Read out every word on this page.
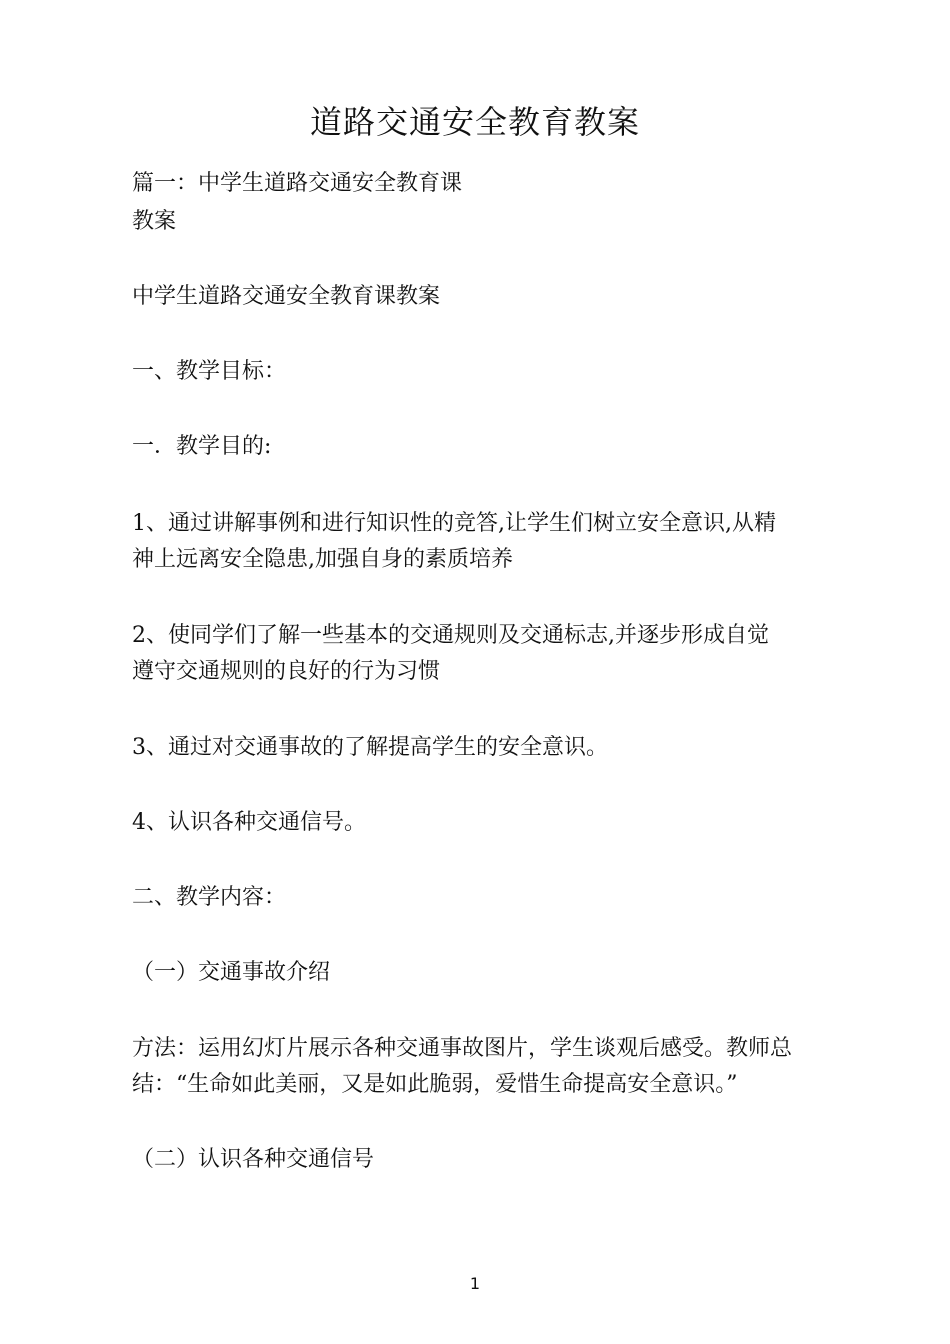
道路交通安全教育教案
篇一：中学生道路交通安全教育课
教案
中学生道路交通安全教育课教案
一、教学目标：
一．教学目的:
1、通过讲解事例和进行知识性的竞答,让学生们树立安全意识,从精
神上远离安全隐患,加强自身的素质培养
2、使同学们了解一些基本的交通规则及交通标志,并逐步形成自觉
遵守交通规则的良好的行为习惯
3、通过对交通事故的了解提高学生的安全意识。
4、认识各种交通信号。
二、教学内容：
（一）交通事故介绍
方法：运用幻灯片展示各种交通事故图片，学生谈观后感受。教师总
结：“生命如此美丽，又是如此脆弱，爱惜生命提高安全意识。”
（二）认识各种交通信号
1
